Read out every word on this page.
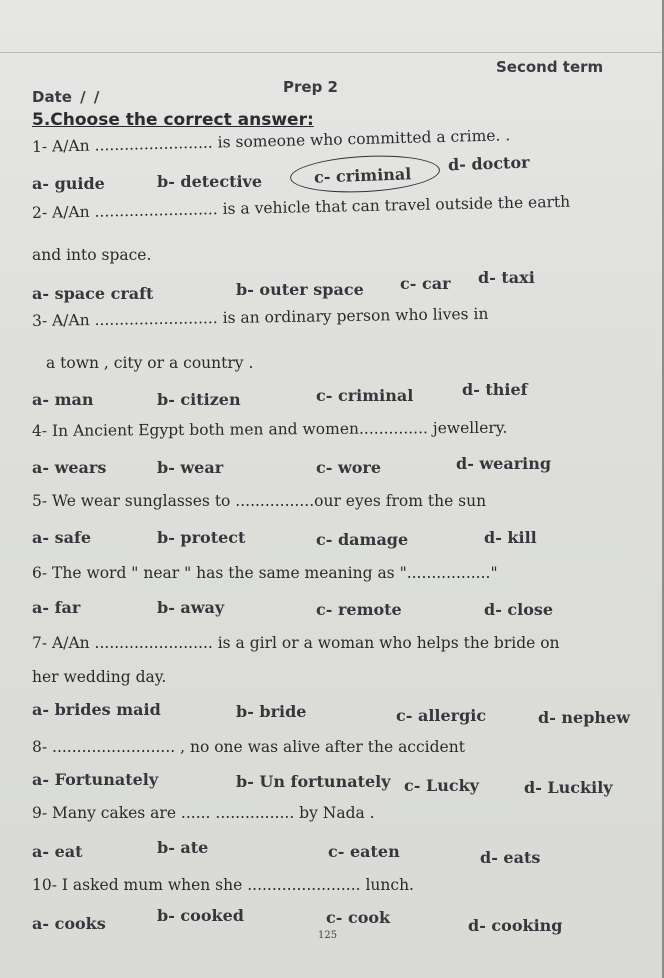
Second term
Date / /
Prep 2
5.Choose the correct answer:
1- A/An ........................ is someone who committed a crime. .
a- guide	b- detective	c- criminal
d- doctor
2- A/An ......................... is a vehicle that can travel outside the earth
and into space.
a- space craft	b- outer space c- car d- taxi
3- A/An ......................... is an ordinary person who lives in
a town , city or a country .
a- man	b- citizen	c- criminal	d- thief
4- In Ancient Egypt both men and women.............. jewellery.
a- wears	b- wear	c- wore	d- wearing
5- We wear sunglasses to ................our eyes from the sun
a- safe	b- protect	c- damage	d- kill
6- The word " near " has the same meaning as "................."
a- far	b- away	c- remote	d- close
7- A/An ........................ is a girl or a woman who helps the bride on
her wedding day.
a- brides maid	b- bride	c- allergic	d- nephew
8- ......................... , no one was alive after the accident
a- Fortunately	b- Un fortunately c- Lucky	d- Luckily
9- Many cakes are ...... ................ by Nada .
a- eat	b- ate	c- eaten	d- eats
10- I asked mum when she ....................... lunch.
a- cooks	b- cooked	c- cook	d- cooking
125
